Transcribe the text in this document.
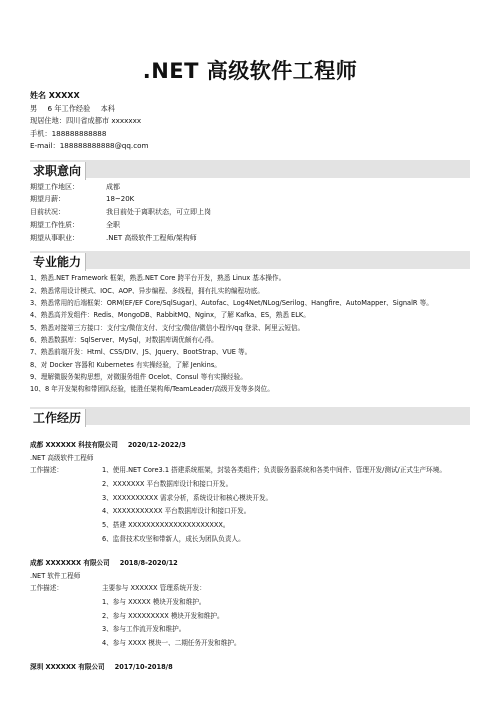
.NET 高级软件工程师
姓名 XXXXX
男 6 年工作经验 本科
现居住地：四川省成都市 xxxxxxx
手机：188888888888
E-mail：188888888888@qq.com
求职意向
期望工作地区：	成都
期望月薪：	18~20K
目前状况：	我目前处于离职状态，可立即上岗
期望工作性质：	全职
期望从事职业：	.NET 高级软件工程师/架构师
专业能力
1、熟悉.NET Framework 框架，熟悉.NET Core 跨平台开发，熟悉 Linux 基本操作。
2、熟悉常用设计模式、IOC、AOP、异步编程、多线程，拥有扎实的编程功底。
3、熟悉常用的后端框架：ORM(EF/EF Core/SqlSugar)、Autofac、Log4Net/NLog/Serilog、Hangfire、AutoMapper、SignalR 等。
4、熟悉高并发组件：Redis、MongoDB、RabbitMQ、Nginx，了解 Kafka、ES，熟悉 ELK。
5、熟悉对接第三方接口：支付宝/微信支付、支付宝/微信/微信小程序/qq 登录、阿里云短信。
6、熟悉数据库：SqlServer、MySql，对数据库调优颇有心得。
7、熟悉前端开发：Html、CSS/DIV、JS、Jquery、BootStrap、VUE 等。
8、对 Docker 容器和 Kubernetes 有实操经验，了解 Jenkins。
9、理解微服务架构思想，对微服务组件 Ocelot、Consul 等有实操经验。
10、8 年开发架构和带团队经验，能胜任架构师/TeamLeader/高级开发等多岗位。
工作经历
成都 XXXXXX 科技有限公司 2020/12-2022/3
.NET 高级软件工程师
工作描述：	1、使用.NET Core3.1 搭建系统框架，封装各类组件；负责服务器系统和各类中间件、管理开发/测试/正式生产环境。
2、XXXXXXX 平台数据库设计和接口开发。
3、XXXXXXXXXX 需求分析，系统设计和核心模块开发。
4、XXXXXXXXXXX 平台数据库设计和接口开发。
5、搭建 XXXXXXXXXXXXXXXXXXXXX。
6、监督技术攻坚和带新人，成长为团队负责人。
成都 XXXXXXX 有限公司 2018/8-2020/12
.NET 软件工程师
工作描述：	主要参与 XXXXXX 管理系统开发：
1、参与 XXXXX 模块开发和维护。
2、参与 XXXXXXXXX 模块开发和维护。
3、参与工作流开发和维护。
4、参与 XXXX 模块一、二期任务开发和维护。
深圳 XXXXXX 有限公司 2017/10-2018/8
